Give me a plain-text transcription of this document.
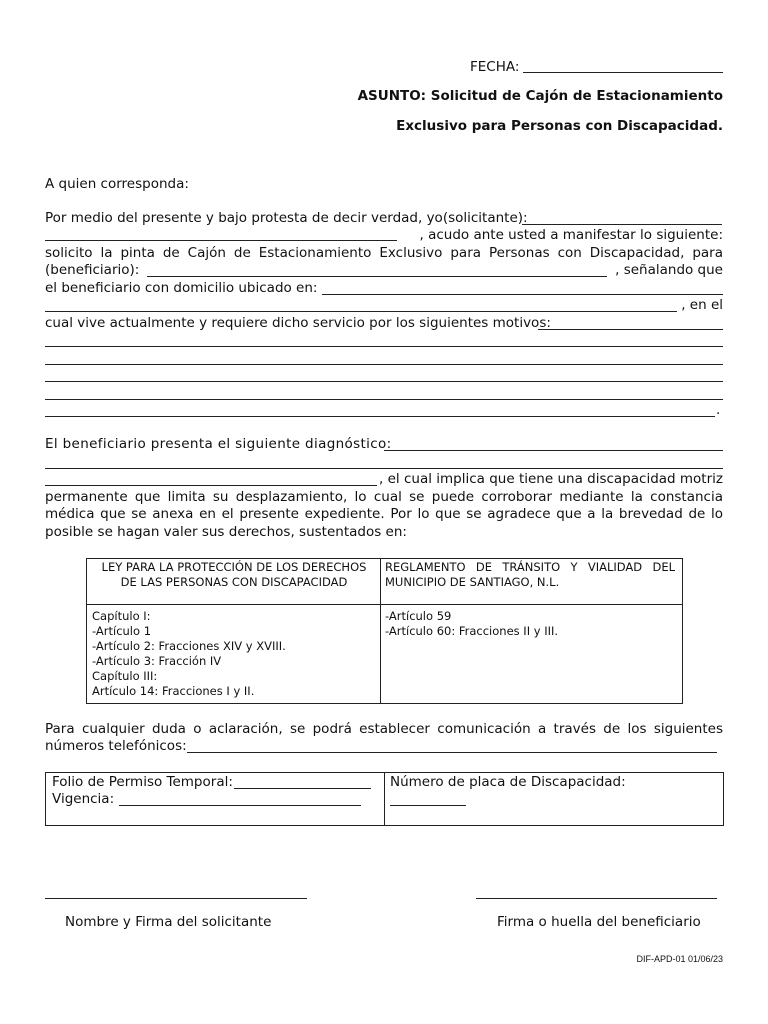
FECHA:
ASUNTO: Solicitud de Cajón de Estacionamiento
Exclusivo para Personas con Discapacidad.
A quien corresponda:
Por medio del presente y bajo protesta de decir verdad, yo(solicitante):
, acudo ante usted a manifestar lo siguiente:
solicito la pinta de Cajón de Estacionamiento Exclusivo para Personas con Discapacidad, para
(beneficiario):	, señalando que
el beneficiario con domicilio ubicado en:
, en el
cual vive actualmente y requiere dicho servicio por los siguientes motivos:
.
El beneficiario presenta el siguiente diagnóstico:
, el cual implica que tiene una discapacidad motriz
permanente que limita su desplazamiento, lo cual se puede corroborar mediante la constancia
médica que se anexa en el presente expediente. Por lo que se agradece que a la brevedad de lo
posible se hagan valer sus derechos, sustentados en:
LEY PARA LA PROTECCIÓN DE LOS DERECHOS
DE LAS PERSONAS CON DISCAPACIDAD
REGLAMENTO DE TRÁNSITO Y VIALIDAD DEL
MUNICIPIO DE SANTIAGO, N.L.
Capítulo I:
-Artículo 1
-Artículo 2: Fracciones XIV y XVIII.
-Artículo 3: Fracción IV
Capítulo III:
Artículo 14: Fracciones I y II.
-Artículo 59
-Artículo 60: Fracciones II y III.
Para cualquier duda o aclaración, se podrá establecer comunicación a través de los siguientes
números telefónicos:
Folio de Permiso Temporal:
Vigencia:
Número de placa de Discapacidad:
Nombre y Firma del solicitante	Firma o huella del beneficiario
DIF-APD-01 01/06/23
